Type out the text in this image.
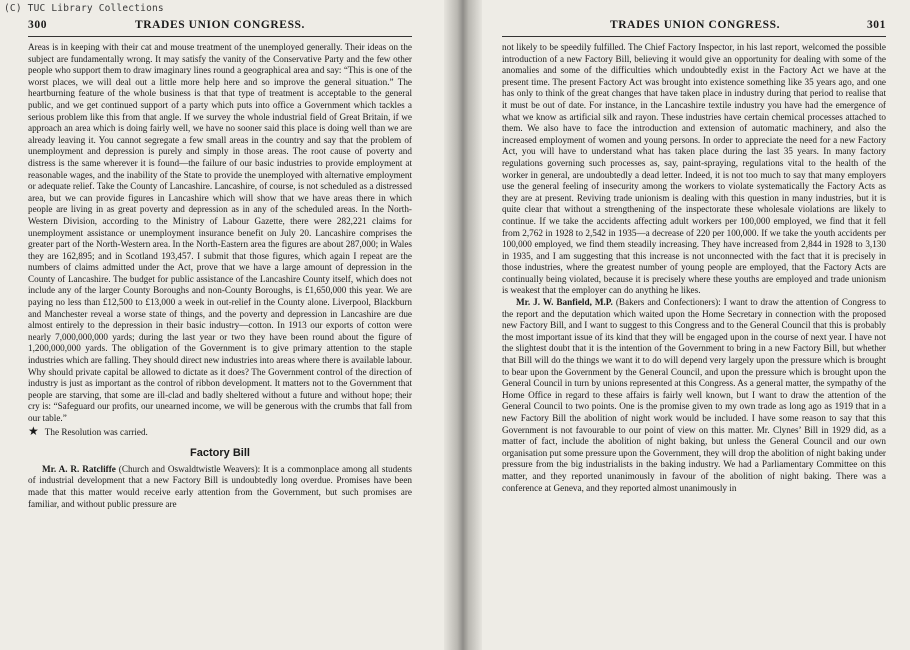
(C) TUC Library Collections
300	TRADES UNION CONGRESS.

Areas is in keeping with their cat and mouse treatment of the unemployed generally. Their ideas on the subject are fundamentally wrong. It may satisfy the vanity of the Conservative Party and the few other people who support them to draw imaginary lines round a geographical area and say: “This is one of the worst places, we will deal out a little more help here and so improve the general situation.” The heartburning feature of the whole business is that that type of treatment is acceptable to the general public, and we get continued support of a party which puts into office a Government which tackles a serious problem like this from that angle. If we survey the whole industrial field of Great Britain, if we approach an area which is doing fairly well, we have no sooner said this place is doing well than we are already leaving it. You cannot segregate a few small areas in the country and say that the problem of unemployment and depression is purely and simply in those areas. The root cause of poverty and distress is the same wherever it is found—the failure of our basic industries to provide employment at reasonable wages, and the inability of the State to provide the unemployed with alternative employment or adequate relief. Take the County of Lancashire. Lancashire, of course, is not scheduled as a distressed area, but we can provide figures in Lancashire which will show that we have areas there in which people are living in as great poverty and depression as in any of the scheduled areas. In the North-Western Division, according to the Ministry of Labour Gazette, there were 282,221 claims for unemployment assistance or unemployment insurance benefit on July 20. Lancashire comprises the greater part of the North-Western area. In the North-Eastern area the figures are about 287,000; in Wales they are 162,895; and in Scotland 193,457. I submit that those figures, which again I repeat are the numbers of claims admitted under the Act, prove that we have a large amount of depression in the County of Lancashire. The budget for public assistance of the Lancashire County itself, which does not include any of the larger County Boroughs and non-County Boroughs, is £1,650,000 this year. We are paying no less than £12,500 to £13,000 a week in out-relief in the County alone. Liverpool, Blackburn and Manchester reveal a worse state of things, and the poverty and depression in Lancashire are due almost entirely to the depression in their basic industry—cotton. In 1913 our exports of cotton were nearly 7,000,000,000 yards; during the last year or two they have been round about the figure of 1,200,000,000 yards. The obligation of the Government is to give primary attention to the staple industries which are falling. They should direct new industries into areas where there is available labour. Why should private capital be allowed to dictate as it does? The Government control of the direction of industry is just as important as the control of ribbon development. It matters not to the Government that people are starving, that some are ill-clad and badly sheltered without a future and without hope; their cry is: “Safeguard our profits, our unearned income, we will be generous with the crumbs that fall from our table.”

★ The Resolution was carried.

Factory Bill

Mr. A. R. Ratcliffe (Church and Oswaldtwistle Weavers): It is a commonplace among all students of industrial development that a new Factory Bill is undoubtedly long overdue. Promises have been made that this matter would receive early attention from the Government, but such promises are familiar, and without public pressure are

TRADES UNION CONGRESS.	301

not likely to be speedily fulfilled. The Chief Factory Inspector, in his last report, welcomed the possible introduction of a new Factory Bill, believing it would give an opportunity for dealing with some of the anomalies and some of the difficulties which undoubtedly exist in the Factory Act we have at the present time. The present Factory Act was brought into existence something like 35 years ago, and one has only to think of the great changes that have taken place in industry during that period to realise that it must be out of date. For instance, in the Lancashire textile industry you have had the emergence of what we know as artificial silk and rayon. These industries have certain chemical processes attached to them. We also have to face the introduction and extension of automatic machinery, and also the increased employment of women and young persons. In order to appreciate the need for a new Factory Act, you will have to understand what has taken place during the last 35 years. In many factory regulations governing such processes as, say, paint-spraying, regulations vital to the health of the worker in general, are undoubtedly a dead letter. Indeed, it is not too much to say that many employers use the general feeling of insecurity among the workers to violate systematically the Factory Acts as they are at present. Reviving trade unionism is dealing with this question in many industries, but it is quite clear that without a strengthening of the inspectorate these wholesale violations are likely to continue. If we take the accidents affecting adult workers per 100,000 employed, we find that it fell from 2,762 in 1928 to 2,542 in 1935—a decrease of 220 per 100,000. If we take the youth accidents per 100,000 employed, we find them steadily increasing. They have increased from 2,844 in 1928 to 3,130 in 1935, and I am suggesting that this increase is not unconnected with the fact that it is precisely in those industries, where the greatest number of young people are employed, that the Factory Acts are continually being violated, because it is precisely where these youths are employed and trade unionism is weakest that the employer can do anything he likes.

Mr. J. W. Banfield, M.P. (Bakers and Confectioners): I want to draw the attention of Congress to the report and the deputation which waited upon the Home Secretary in connection with the proposed new Factory Bill, and I want to suggest to this Congress and to the General Council that this is probably the most important issue of its kind that they will be engaged upon in the course of next year. I have not the slightest doubt that it is the intention of the Government to bring in a new Factory Bill, but whether that Bill will do the things we want it to do will depend very largely upon the pressure which is brought to bear upon the Government by the General Council, and upon the pressure which is brought upon the General Council in turn by unions represented at this Congress. As a general matter, the sympathy of the Home Office in regard to these affairs is fairly well known, but I want to draw the attention of the General Council to two points. One is the promise given to my own trade as long ago as 1919 that in a new Factory Bill the abolition of night work would be included. I have some reason to say that this Government is not favourable to our point of view on this matter. Mr. Clynes’ Bill in 1929 did, as a matter of fact, include the abolition of night baking, but unless the General Council and our own organisation put some pressure upon the Government, they will drop the abolition of night baking under pressure from the big industrialists in the baking industry. We had a Parliamentary Committee on this matter, and they reported unanimously in favour of the abolition of night baking. There was a conference at Geneva, and they reported almost unanimously in
